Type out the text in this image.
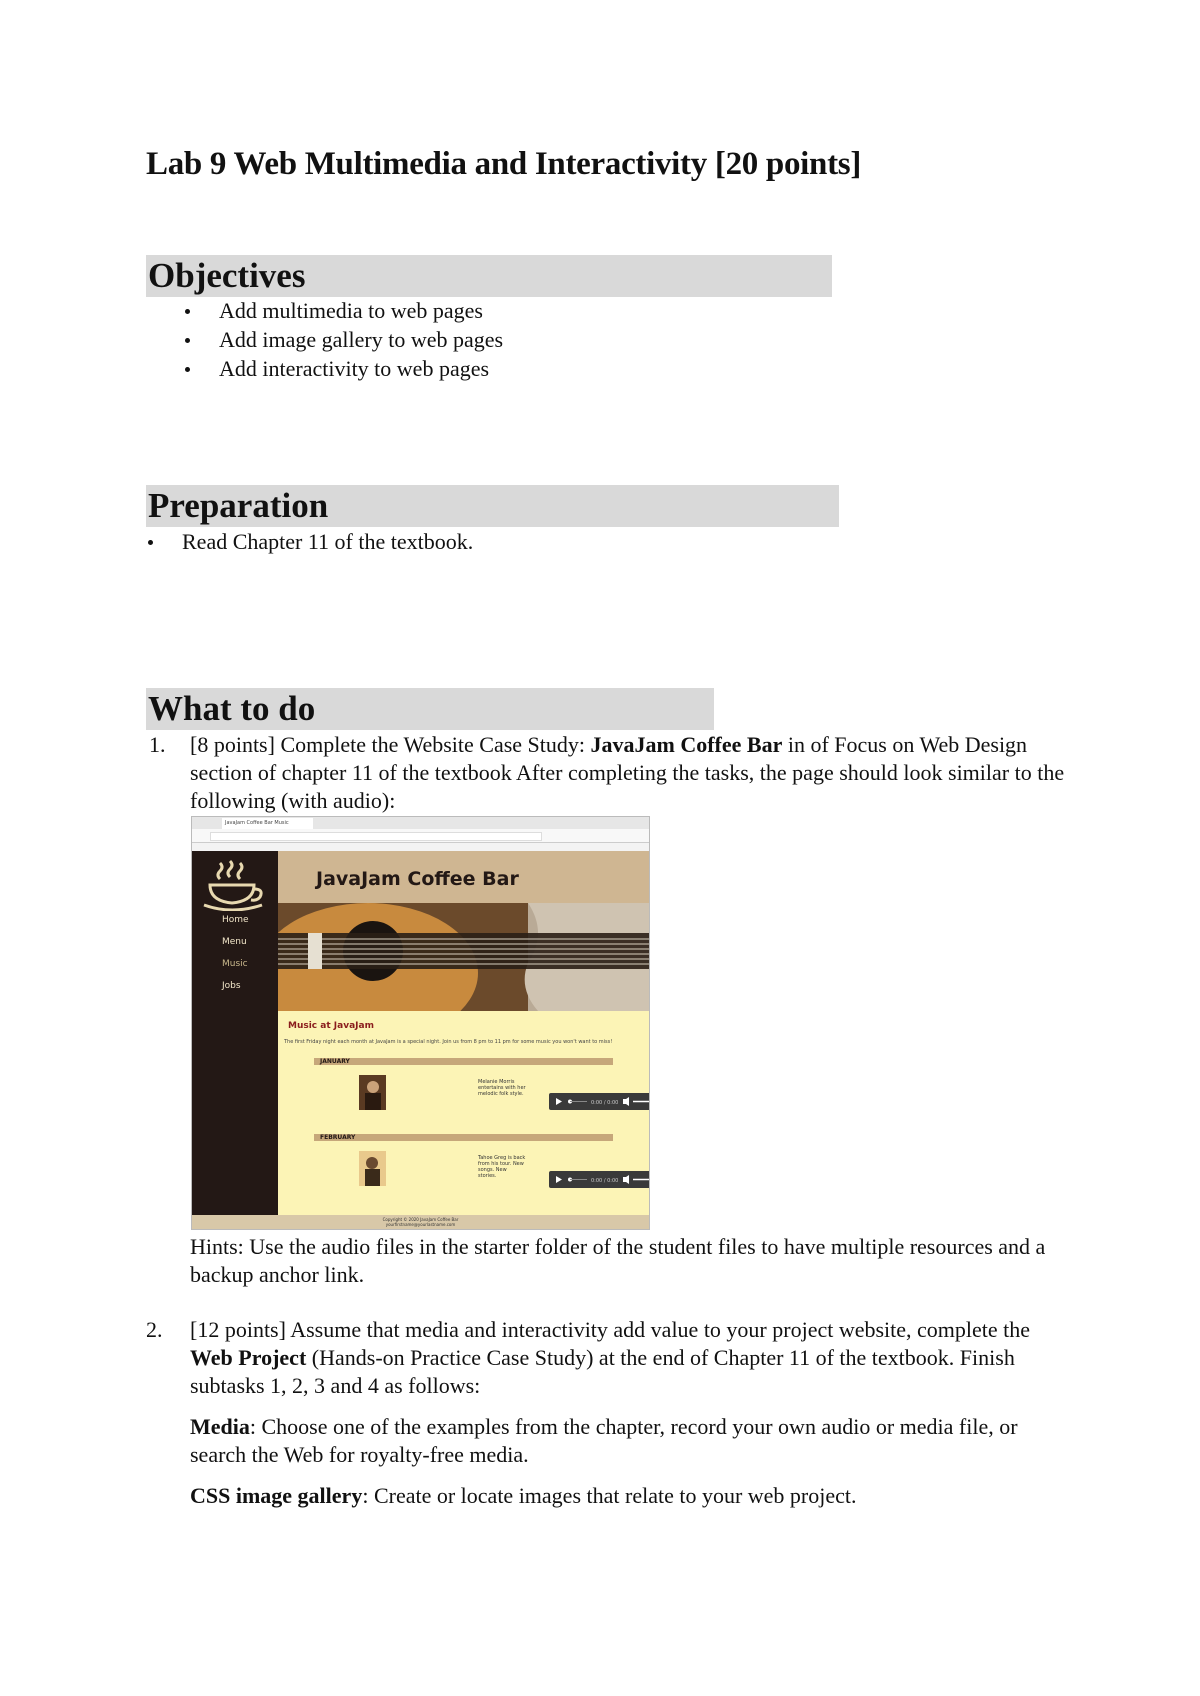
Lab 9 Web Multimedia and Interactivity [20 points]
Objectives
Add multimedia to web pages
Add image gallery to web pages
Add interactivity to web pages
Preparation
Read Chapter 11 of the textbook.
What to do
1. [8 points] Complete the Website Case Study: JavaJam Coffee Bar in of Focus on Web Design section of chapter 11 of the textbook After completing the tasks, the page should look similar to the following (with audio):

JavaJam Coffee Bar Music
Home
Menu
Music
Jobs
JavaJam Coffee Bar
Music at JavaJam
The first Friday night each month at JavaJam is a special night. Join us from 8 pm to 11 pm for some music you won't want to miss!
JANUARY
Melanie Morris entertains with her melodic folk style.
0:00 / 0:00
FEBRUARY
Tahoe Greg is back from his tour. New songs. New stories.
0:00 / 0:00
Copyright © 2020 JavaJam Coffee Bar
yourfirstname@yourlastname.com

Hints: Use the audio files in the starter folder of the student files to have multiple resources and a backup anchor link.

2. [12 points] Assume that media and interactivity add value to your project website, complete the Web Project (Hands-on Practice Case Study) at the end of Chapter 11 of the textbook. Finish subtasks 1, 2, 3 and 4 as follows:

Media: Choose one of the examples from the chapter, record your own audio or media file, or search the Web for royalty-free media.

CSS image gallery: Create or locate images that relate to your web project.
